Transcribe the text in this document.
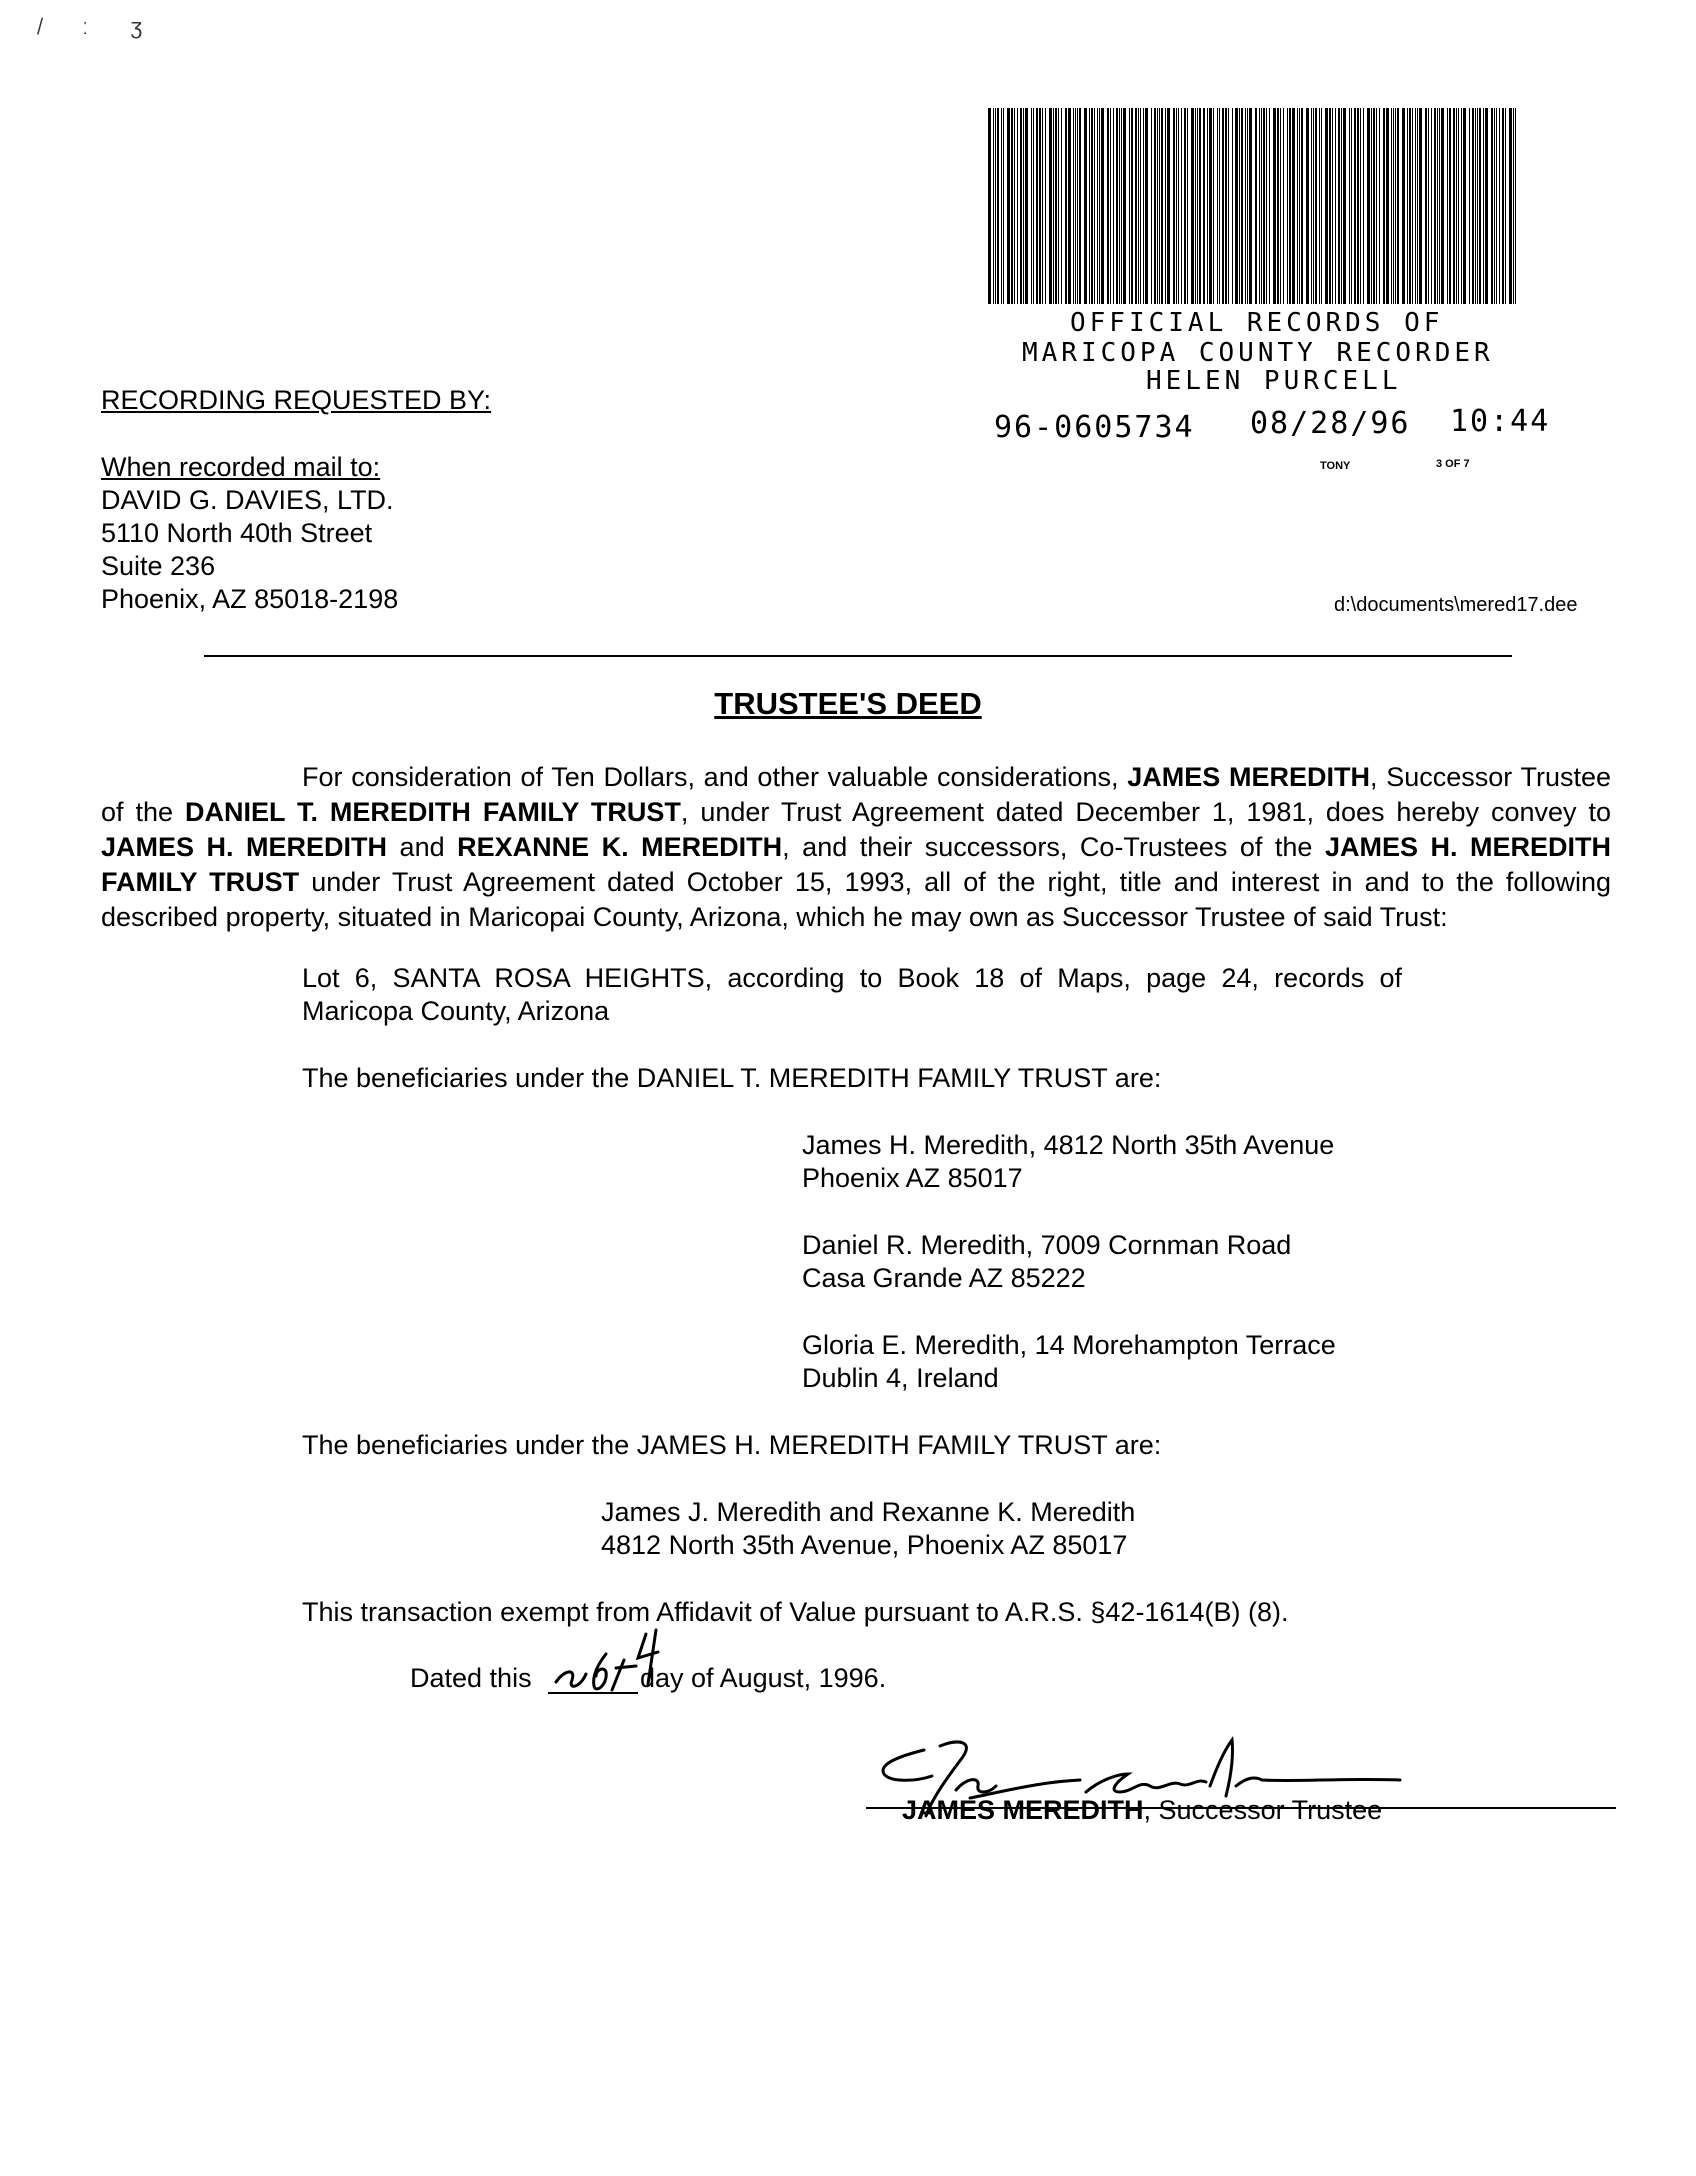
̸ ː ʒ
OFFICIAL RECORDS OF
MARICOPA COUNTY RECORDER
HELEN PURCELL
96-0605734 08/28/96 10:44
TONY	3 OF 7
RECORDING REQUESTED BY:
When recorded mail to:
DAVID G. DAVIES, LTD.
5110 North 40th Street
Suite 236
Phoenix, AZ 85018-2198	d:\documents\mered17.dee
TRUSTEE'S DEED
For consideration of Ten Dollars, and other valuable considerations, JAMES MEREDITH, Successor Trustee of the DANIEL T. MEREDITH FAMILY TRUST, under Trust Agreement dated December 1, 1981, does hereby convey to JAMES H. MEREDITH and REXANNE K. MEREDITH, and their successors, Co-Trustees of the JAMES H. MEREDITH FAMILY TRUST under Trust Agreement dated October 15, 1993, all of the right, title and interest in and to the following described property, situated in Maricopai County, Arizona, which he may own as Successor Trustee of said Trust:
Lot 6, SANTA ROSA HEIGHTS, according to Book 18 of Maps, page 24, records of
Maricopa County, Arizona
The beneficiaries under the DANIEL T. MEREDITH FAMILY TRUST are:
James H. Meredith, 4812 North 35th Avenue
Phoenix AZ 85017
Daniel R. Meredith, 7009 Cornman Road
Casa Grande AZ 85222
Gloria E. Meredith, 14 Morehampton Terrace
Dublin 4, Ireland
The beneficiaries under the JAMES H. MEREDITH FAMILY TRUST are:
James J. Meredith and Rexanne K. Meredith
4812 North 35th Avenue, Phoenix AZ 85017
This transaction exempt from Affidavit of Value pursuant to A.R.S. §42-1614(B) (8).
Dated this	day of August, 1996.
JAMES MEREDITH, Successor Trustee
